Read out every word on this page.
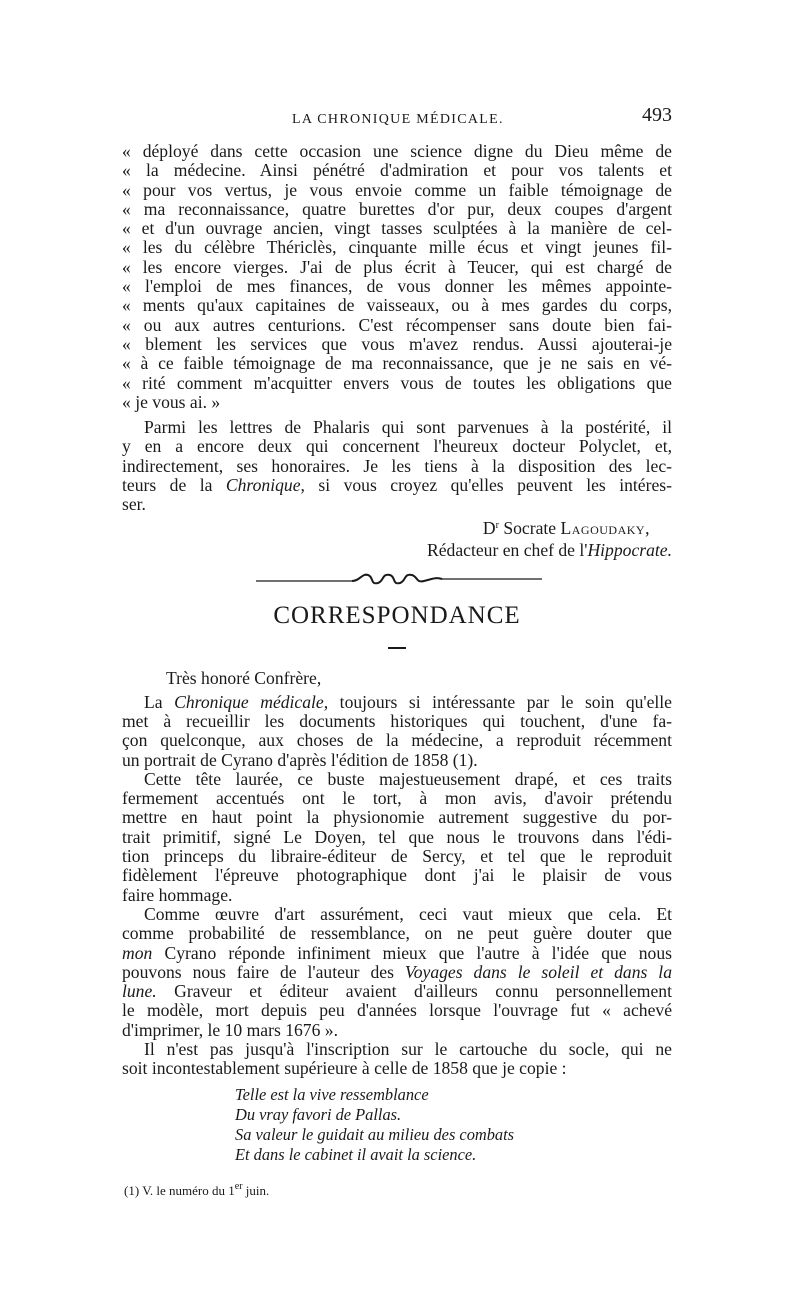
LA CHRONIQUE MÉDICALE.	493
« déployé dans cette occasion une science digne du Dieu même de
« la médecine. Ainsi pénétré d'admiration et pour vos talents et
« pour vos vertus, je vous envoie comme un faible témoignage de
« ma reconnaissance, quatre burettes d'or pur, deux coupes d'argent
« et d'un ouvrage ancien, vingt tasses sculptées à la manière de cel-
« les du célèbre Thériclès, cinquante mille écus et vingt jeunes fil-
« les encore vierges. J'ai de plus écrit à Teucer, qui est chargé de
« l'emploi de mes finances, de vous donner les mêmes appointe-
« ments qu'aux capitaines de vaisseaux, ou à mes gardes du corps,
« ou aux autres centurions. C'est récompenser sans doute bien fai-
« blement les services que vous m'avez rendus. Aussi ajouterai-je
« à ce faible témoignage de ma reconnaissance, que je ne sais en vé-
« rité comment m'acquitter envers vous de toutes les obligations que
« je vous ai. »
Parmi les lettres de Phalaris qui sont parvenues à la postérité, il
y en a encore deux qui concernent l'heureux docteur Polyclet, et,
indirectement, ses honoraires. Je les tiens à la disposition des lec-
teurs de la Chronique, si vous croyez qu'elles peuvent les intéres-
ser.
$D^r$ Socrate Lagoudaky,
Rédacteur en chef de l'Hippocrate.
CORRESPONDANCE
Très honoré Confrère,
La Chronique médicale, toujours si intéressante par le soin qu'elle
met à recueillir les documents historiques qui touchent, d'une fa-
çon quelconque, aux choses de la médecine, a reproduit récemment
un portrait de Cyrano d'après l'édition de 1858 (1).
Cette tête laurée, ce buste majestueusement drapé, et ces traits
fermement accentués ont le tort, à mon avis, d'avoir prétendu
mettre en haut point la physionomie autrement suggestive du por-
trait primitif, signé Le Doyen, tel que nous le trouvons dans l'édi-
tion princeps du libraire-éditeur de Sercy, et tel que le reproduit
fidèlement l'épreuve photographique dont j'ai le plaisir de vous
faire hommage.
Comme œuvre d'art assurément, ceci vaut mieux que cela. Et
comme probabilité de ressemblance, on ne peut guère douter que
mon Cyrano réponde infiniment mieux que l'autre à l'idée que nous
pouvons nous faire de l'auteur des Voyages dans le soleil et dans la
lune. Graveur et éditeur avaient d'ailleurs connu personnellement
le modèle, mort depuis peu d'années lorsque l'ouvrage fut « achevé
d'imprimer, le 10 mars 1676 ».
Il n'est pas jusqu'à l'inscription sur le cartouche du socle, qui ne
soit incontestablement supérieure à celle de 1858 que je copie :
Telle est la vive ressemblance
Du vray favori de Pallas.
Sa valeur le guidait au milieu des combats
Et dans le cabinet il avait la science.
(1) V. le numéro du 1er juin.
